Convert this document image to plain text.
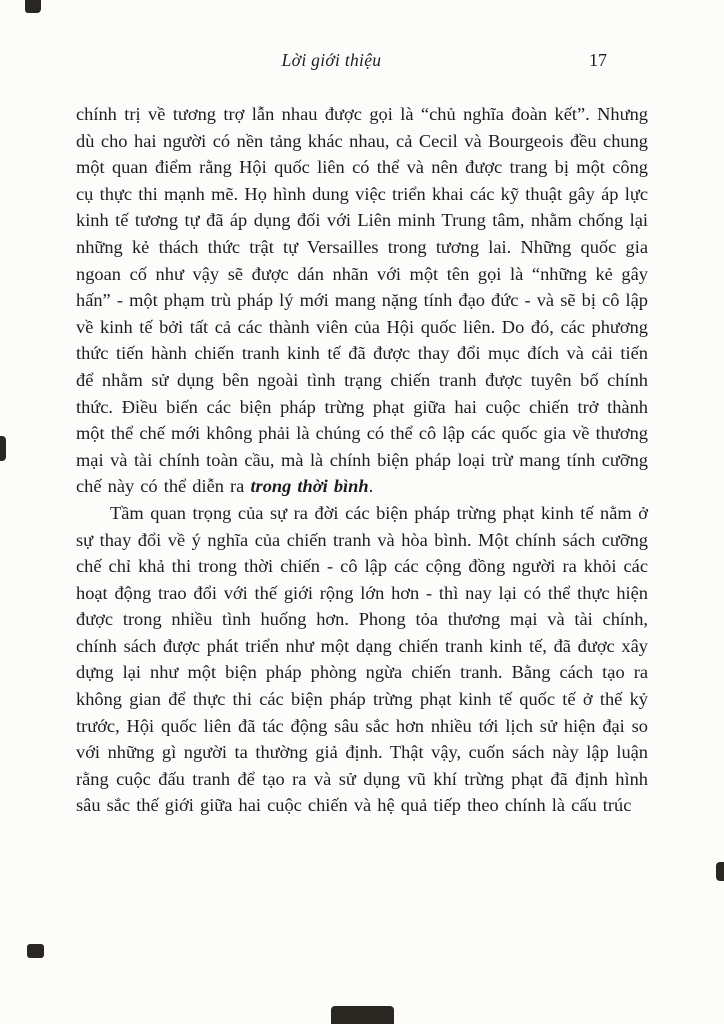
Lời giới thiệu	17

chính trị về tương trợ lẫn nhau được gọi là “chủ nghĩa đoàn kết”. Nhưng dù cho hai người có nền tảng khác nhau, cả Cecil và Bourgeois đều chung một quan điểm rằng Hội quốc liên có thể và nên được trang bị một công cụ thực thi mạnh mẽ. Họ hình dung việc triển khai các kỹ thuật gây áp lực kinh tế tương tự đã áp dụng đối với Liên minh Trung tâm, nhằm chống lại những kẻ thách thức trật tự Versailles trong tương lai. Những quốc gia ngoan cố như vậy sẽ được dán nhãn với một tên gọi là “những kẻ gây hấn” - một phạm trù pháp lý mới mang nặng tính đạo đức - và sẽ bị cô lập về kinh tế bởi tất cả các thành viên của Hội quốc liên. Do đó, các phương thức tiến hành chiến tranh kinh tế đã được thay đổi mục đích và cải tiến để nhằm sử dụng bên ngoài tình trạng chiến tranh được tuyên bố chính thức. Điều biến các biện pháp trừng phạt giữa hai cuộc chiến trở thành một thể chế mới không phải là chúng có thể cô lập các quốc gia về thương mại và tài chính toàn cầu, mà là chính biện pháp loại trừ mang tính cưỡng chế này có thể diễn ra trong thời bình.

Tầm quan trọng của sự ra đời các biện pháp trừng phạt kinh tế nằm ở sự thay đổi về ý nghĩa của chiến tranh và hòa bình. Một chính sách cưỡng chế chỉ khả thi trong thời chiến - cô lập các cộng đồng người ra khỏi các hoạt động trao đổi với thế giới rộng lớn hơn - thì nay lại có thể thực hiện được trong nhiều tình huống hơn. Phong tỏa thương mại và tài chính, chính sách được phát triển như một dạng chiến tranh kinh tế, đã được xây dựng lại như một biện pháp phòng ngừa chiến tranh. Bằng cách tạo ra không gian để thực thi các biện pháp trừng phạt kinh tế quốc tế ở thế kỷ trước, Hội quốc liên đã tác động sâu sắc hơn nhiều tới lịch sử hiện đại so với những gì người ta thường giả định. Thật vậy, cuốn sách này lập luận rằng cuộc đấu tranh để tạo ra và sử dụng vũ khí trừng phạt đã định hình sâu sắc thế giới giữa hai cuộc chiến và hệ quả tiếp theo chính là cấu trúc
